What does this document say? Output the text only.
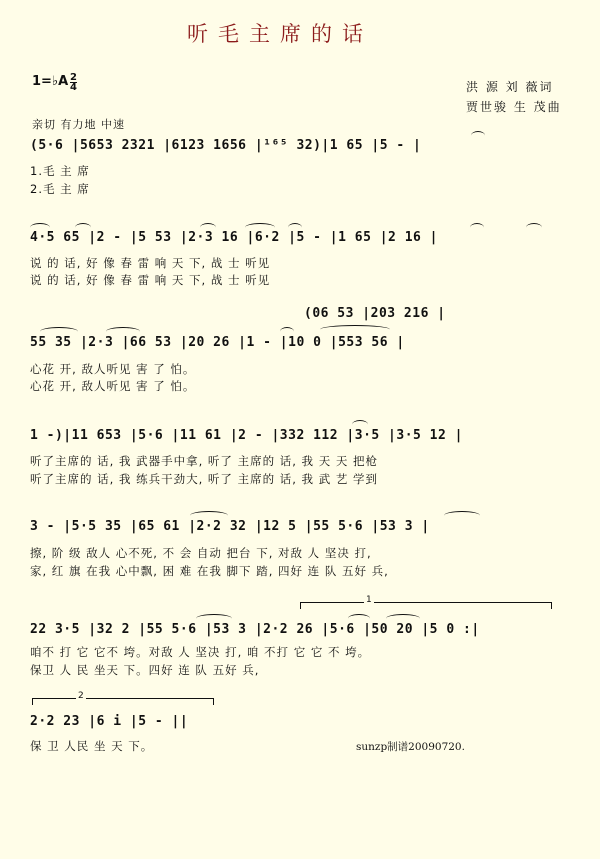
听毛主席的话
1=♭A 2
4	洪 源 刘 薇词
贾世骏 生 茂曲
亲切 有力地 中速
(5·6 |5653 2321 |6123 1656 |¹⁶⁵ 32)|1 65 |5 - |
1.毛 主 席
2.毛 主 席
4·5 65 |2 - |5 53 |2·3 16 |6·2 |5 - |1 65 |2 16 |
说 的 话, 好 像 春 雷 响 天 下, 战 士 听见
说 的 话, 好 像 春 雷 响 天 下, 战 士 听见
(06 53 |203 216 |
55 35 |2·3 |66 53 |20 26 |1 - |10 0 |553 56 |
心花 开, 敌人听见 害 了 怕。
心花 开, 敌人听见 害 了 怕。
1 -)|11 653 |5·6 |11 61 |2 - |332 112 |3·5 |3·5 12 |
听了主席的 话, 我 武器手中拿, 听了 主席的 话, 我 天 天 把枪
听了主席的 话, 我 练兵干劲大, 听了 主席的 话, 我 武 艺 学到
3 - |5·5 35 |65 61 |2·2 32 |12 5 |55 5·6 |53 3 |
擦, 阶 级 敌人 心不死, 不 会 自动 把台 下, 对敌 人 坚决 打,
家, 红 旗 在我 心中飘, 困 难 在我 脚下 踏, 四好 连 队 五好 兵,
1
22 3·5 |32 2 |55 5·6 |53 3 |2·2 26 |5·6 |50 20 |5 0 :|
咱不 打 它 它不 垮。对敌 人 坚决 打, 咱 不打 它 它 不 垮。
保卫 人 民 坐天 下。四好 连 队 五好 兵,
2
2·2 23 |6 i |5 - ||
保 卫 人民 坐 天 下。	sunzp制谱20090720.
